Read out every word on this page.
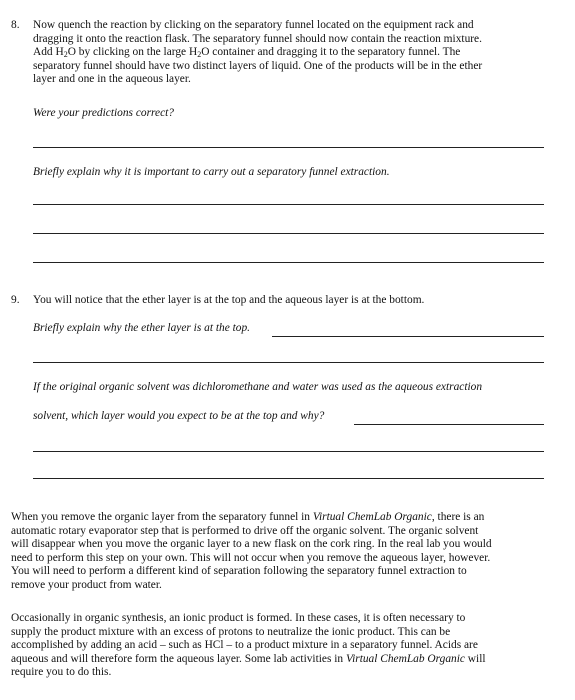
8. Now quench the reaction by clicking on the separatory funnel located on the equipment rack and

dragging it onto the reaction flask. The separatory funnel should now contain the reaction mixture.

Add $H_2O$ by clicking on the large $H_2O$ container and dragging it to the separatory funnel. The

separatory funnel should have two distinct layers of liquid. One of the products will be in the ether

layer and one in the aqueous layer.

Were your predictions correct?
Briefly explain why it is important to carry out a separatory funnel extraction.
9. You will notice that the ether layer is at the top and the aqueous layer is at the bottom.
Briefly explain why the ether layer is at the top.
If the original organic solvent was dichloromethane and water was used as the aqueous extraction
solvent, which layer would you expect to be at the top and why?

When you remove the organic layer from the separatory funnel in Virtual ChemLab Organic, there is an

automatic rotary evaporator step that is performed to drive off the organic solvent. The organic solvent

will disappear when you move the organic layer to a new flask on the cork ring. In the real lab you would

need to perform this step on your own. This will not occur when you remove the aqueous layer, however.

You will need to perform a different kind of separation following the separatory funnel extraction to

remove your product from water.

Occasionally in organic synthesis, an ionic product is formed. In these cases, it is often necessary to

supply the product mixture with an excess of protons to neutralize the ionic product. This can be

accomplished by adding an acid – such as HCl – to a product mixture in a separatory funnel. Acids are

aqueous and will therefore form the aqueous layer. Some lab activities in Virtual ChemLab Organic will

require you to do this.
